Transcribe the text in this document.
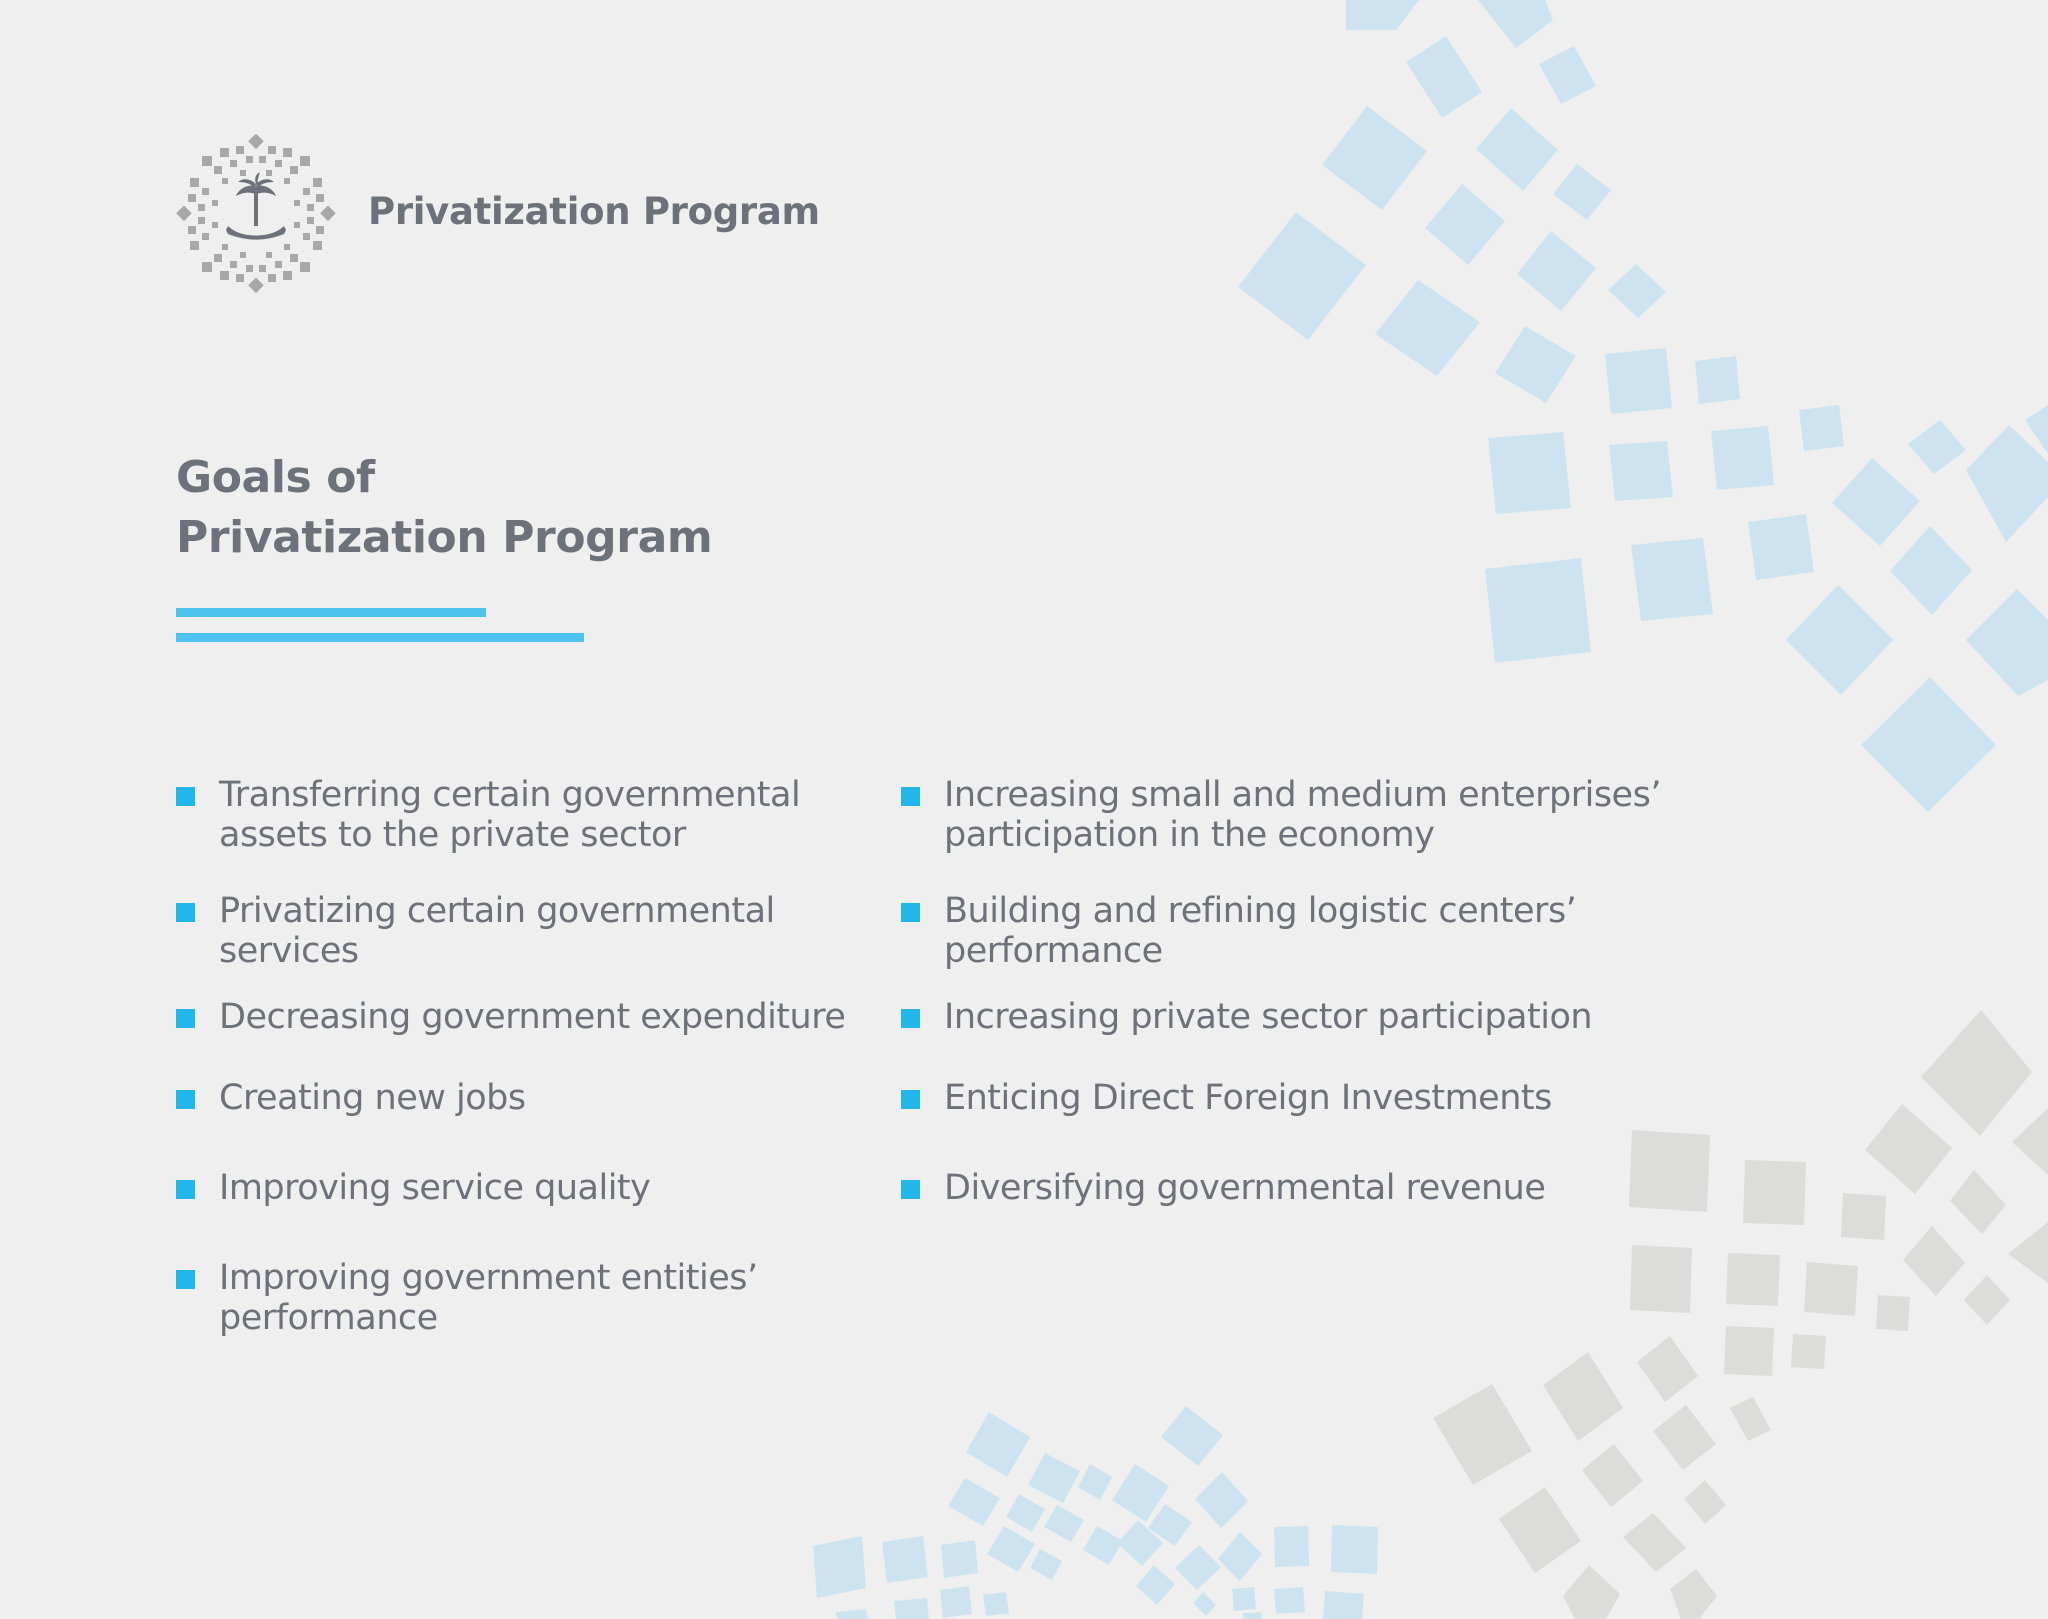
Privatization Program
Goals of
Privatization Program
Transferring certain governmental assets to the private sector
Privatizing certain governmental services
Decreasing government expenditure
Creating new jobs
Improving service quality
Improving government entities’ performance
Increasing small and medium enterprises’ participation in the economy
Building and refining logistic centers’ performance
Increasing private sector participation
Enticing Direct Foreign Investments
Diversifying governmental revenue
